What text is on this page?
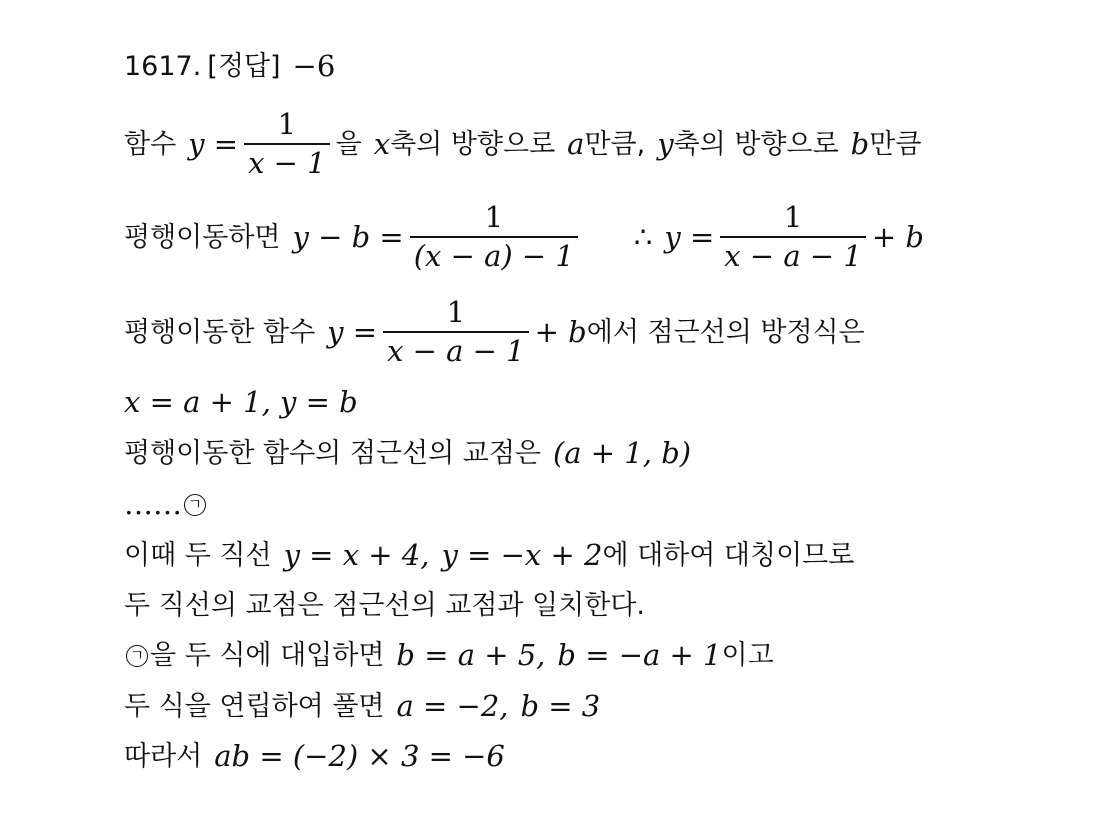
1617. [정답] −6
함수 $y = \frac{1}{x - 1}$ 을 x 축의 방향으로 a 만큼, y 축의 방향으로 b 만큼
평행이동하면 $y - b = \frac{1}{(x - a) - 1}$ ∴ $y = \frac{1}{x - a - 1} + b$
평행이동한 함수 $y = \frac{1}{x - a - 1} + b$ 에서 점근선의 방정식은
x = a + 1, y = b
평행이동한 함수의 점근선의 교점은 (a + 1, b)
…… ㄱ
이때 두 직선 y = x + 4, y = −x + 2 에 대하여 대칭이므로
두 직선의 교점은 점근선의 교점과 일치한다.
ㄱ 을 두 식에 대입하면 b = a + 5, b = −a + 1 이고
두 식을 연립하여 풀면 a = −2, b = 3
따라서 ab = (−2) × 3 = −6
